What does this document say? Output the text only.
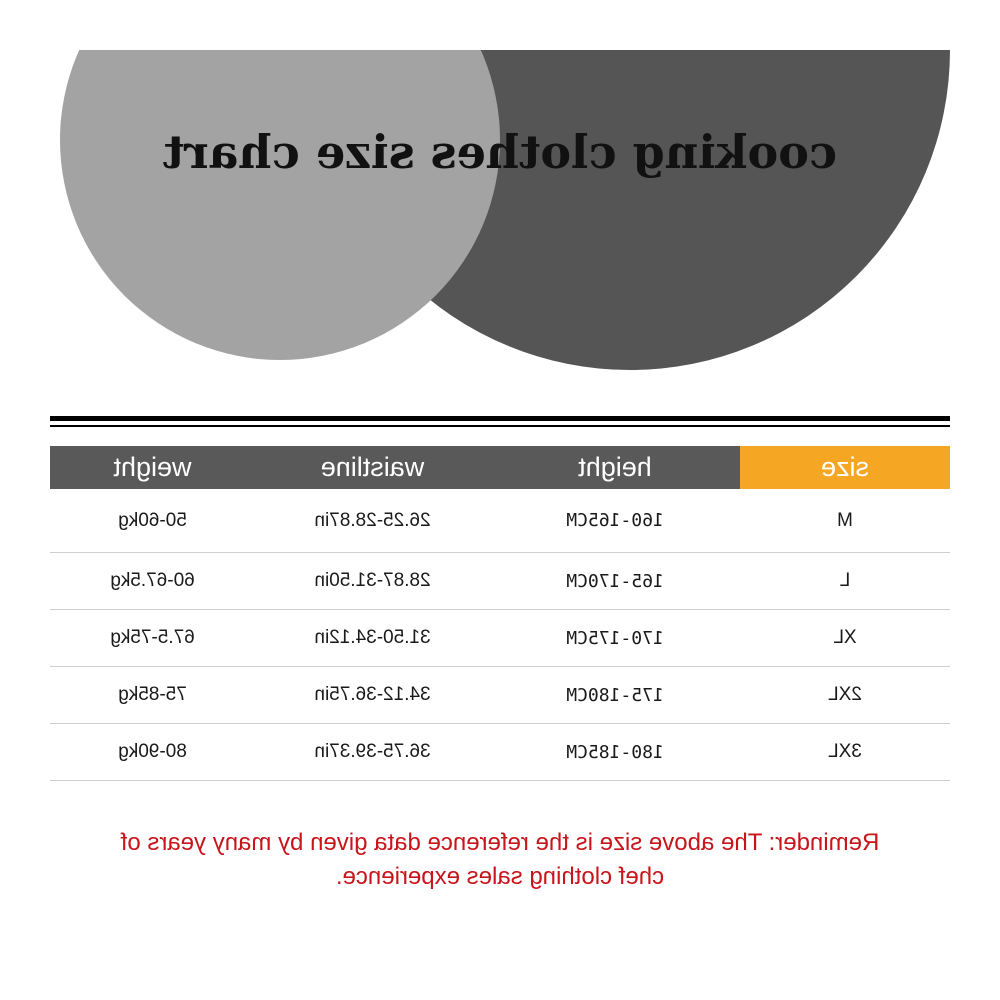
cooking clothes size chart
size
height
waistline
weight
M
160-165CM
26.25-28.87in
50-60kg
L
165-170CM
28.87-31.50in
60-67.5kg
XL
170-175CM
31.50-34.12in
67.5-75kg
2XL
175-180CM
34.12-36.75in
75-85kg
3XL
180-185CM
36.75-39.37in
80-90kg
Reminder: The above size is the reference data given by many years of chef clothing sales experience.
